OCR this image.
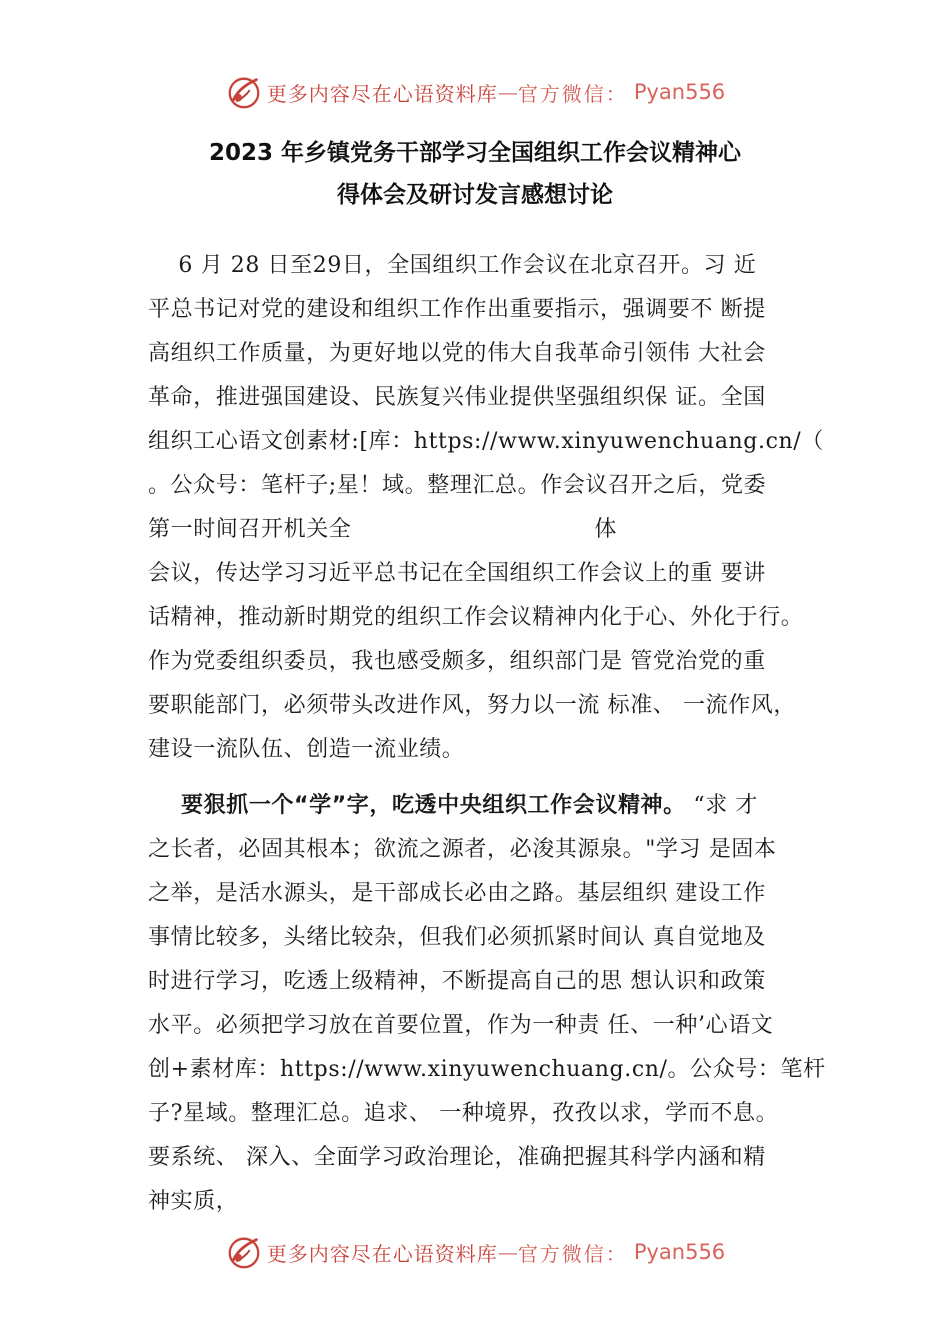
更多内容尽在心语资料库 — 官方微信： Pyan556
2023 年乡镇党务干部学习全国组织工作会议精神心
得体会及研讨发言感想讨论
6 月 28 日至29日，全国组织工作会议在北京召开。习 近
平总书记对党的建设和组织工作作出重要指示，强调要不 断提
高组织工作质量，为更好地以党的伟大自我革命引领伟 大社会
革命，推进强国建设、民族复兴伟业提供坚强组织保 证。全国
组织工心语文创素材:[库：https://www.xinyuwenchuang.cn/（
。公众号：笔杆子;星！域。整理汇总。作会议召开之后，党委
第一时间召开机关全                                体
会议，传达学习习近平总书记在全国组织工作会议上的重 要讲
话精神，推动新时期党的组织工作会议精神内化于心、外化于行。
作为党委组织委员，我也感受颇多，组织部门是 管党治党的重
要职能部门，必须带头改进作风，努力以一流 标准、 一流作风，
建设一流队伍、创造一流业绩。
要狠抓一个“学”字，吃透中央组织工作会议精神。 “求 才
之长者，必固其根本；欲流之源者，必浚其源泉。"学习 是固本
之举，是活水源头，是干部成长必由之路。基层组织 建设工作
事情比较多，头绪比较杂，但我们必须抓紧时间认 真自觉地及
时进行学习，吃透上级精神，不断提高自己的思 想认识和政策
水平。必须把学习放在首要位置，作为一种责 任、一种’心语文
创+素材库：https://www.xinyuwenchuang.cn/。公众号：笔杆
子?星域。整理汇总。追求、 一种境界，孜孜以求，学而不息。
要系统、 深入、全面学习政治理论，准确把握其科学内涵和精
神实质，
更多内容尽在心语资料库 — 官方微信： Pyan556
